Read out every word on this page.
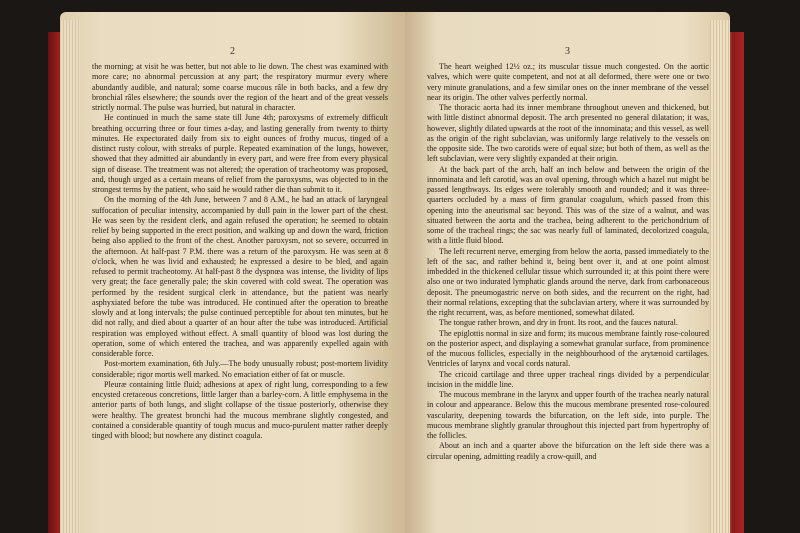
2

the morning; at visit he was better, but not able to lie down. The chest was examined with more care; no abnormal percussion at any part; the respiratory murmur every where abundantly audible, and natural; some coarse mucous râle in both backs, and a few dry bronchial râles elsewhere; the sounds over the region of the heart and of the great vessels strictly normal. The pulse was hurried, but natural in character.

He continued in much the same state till June 4th; paroxysms of extremely difficult breathing occurring three or four times a-day, and lasting generally from twenty to thirty minutes. He expectorated daily from six to eight ounces of frothy mucus, tinged of a distinct rusty colour, with streaks of purple. Repeated examination of the lungs, however, showed that they admitted air abundantly in every part, and were free from every physical sign of disease. The treatment was not altered; the operation of tracheotomy was proposed, and, though urged as a certain means of relief from the paroxysms, was objected to in the strongest terms by the patient, who said he would rather die than submit to it.

On the morning of the 4th June, between 7 and 8 A.M., he had an attack of laryngeal suffocation of peculiar intensity, accompanied by dull pain in the lower part of the chest. He was seen by the resident clerk, and again refused the operation; he seemed to obtain relief by being supported in the erect position, and walking up and down the ward, friction being also applied to the front of the chest. Another paroxysm, not so severe, occurred in the afternoon. At half-past 7 P.M. there was a return of the paroxysm. He was seen at 8 o'clock, when he was livid and exhausted; he expressed a desire to be bled, and again refused to permit tracheotomy. At half-past 8 the dyspnœa was intense, the lividity of lips very great; the face generally pale; the skin covered with cold sweat. The operation was performed by the resident surgical clerk in attendance, but the patient was nearly asphyxiated before the tube was introduced. He continued after the operation to breathe slowly and at long intervals; the pulse continued perceptible for about ten minutes, but he did not rally, and died about a quarter of an hour after the tube was introduced. Artificial respiration was employed without effect. A small quantity of blood was lost during the operation, some of which entered the trachea, and was apparently expelled again with considerable force.

Post-mortem examination, 6th July.—The body unusually robust; post-mortem lividity considerable; rigor mortis well marked. No emaciation either of fat or muscle.

Pleuræ containing little fluid; adhesions at apex of right lung, corresponding to a few encysted cretaceous concretions, little larger than a barley-corn. A little emphysema in the anterior parts of both lungs, and slight collapse of the tissue posteriorly, otherwise they were healthy. The greatest bronchi had the mucous membrane slightly congested, and contained a considerable quantity of tough mucus and muco-purulent matter rather deeply tinged with blood; but nowhere any distinct coagula.

3

The heart weighed 12½ oz.; its muscular tissue much congested. On the aortic valves, which were quite competent, and not at all deformed, there were one or two very minute granulations, and a few similar ones on the inner membrane of the vessel near its origin. The other valves perfectly normal.

The thoracic aorta had its inner membrane throughout uneven and thickened, but with little distinct abnormal deposit. The arch presented no general dilatation; it was, however, slightly dilated upwards at the root of the innominata; and this vessel, as well as the origin of the right subclavian, was uniformly large relatively to the vessels on the opposite side. The two carotids were of equal size; but both of them, as well as the left subclavian, were very slightly expanded at their origin.

At the back part of the arch, half an inch below and between the origin of the innominata and left carotid, was an oval opening, through which a hazel nut might be passed lengthways. Its edges were tolerably smooth and rounded; and it was three-quarters occluded by a mass of firm granular coagulum, which passed from this opening into the aneurismal sac beyond. This was of the size of a walnut, and was situated between the aorta and the trachea, being adherent to the perichondrium of some of the tracheal rings; the sac was nearly full of laminated, decolorized coagula, with a little fluid blood.

The left recurrent nerve, emerging from below the aorta, passed immediately to the left of the sac, and rather behind it, being bent over it, and at one point almost imbedded in the thickened cellular tissue which surrounded it; at this point there were also one or two indurated lymphatic glands around the nerve, dark from carbonaceous deposit. The pneumogastric nerve on both sides, and the recurrent on the right, had their normal relations, excepting that the subclavian artery, where it was surrounded by the right recurrent, was, as before mentioned, somewhat dilated.

The tongue rather brown, and dry in front. Its root, and the fauces natural.

The epiglottis normal in size and form; its mucous membrane faintly rose-coloured on the posterior aspect, and displaying a somewhat granular surface, from prominence of the mucous follicles, especially in the neighbourhood of the arytænoid cartilages. Ventricles of larynx and vocal cords natural.

The cricoid cartilage and three upper tracheal rings divided by a perpendicular incision in the middle line.

The mucous membrane in the larynx and upper fourth of the trachea nearly natural in colour and appearance. Below this the mucous membrane presented rose-coloured vascularity, deepening towards the bifurcation, on the left side, into purple. The mucous membrane slightly granular throughout this injected part from hypertrophy of the follicles.

About an inch and a quarter above the bifurcation on the left side there was a circular opening, admitting readily a crow-quill, and
